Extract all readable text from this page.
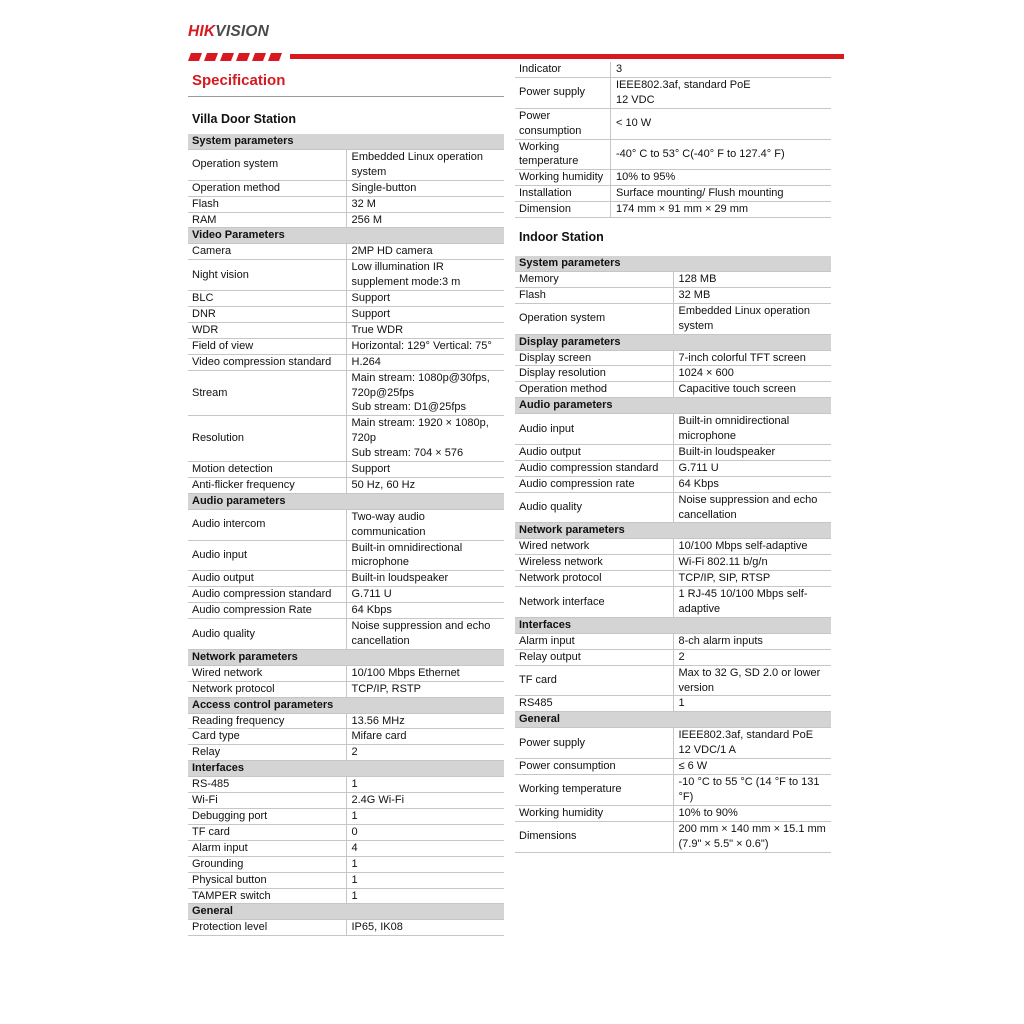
HIKVISION
Specification
Villa Door Station
System parameters	
Operation system	Embedded Linux operation system
Operation method	Single-button
Flash	32 M
RAM	256 M
Video Parameters	
Camera	2MP HD camera
Night vision	Low illumination IR supplement mode:3 m
BLC	Support
DNR	Support
WDR	True WDR
Field of view	Horizontal: 129° Vertical: 75°
Video compression standard	H.264
Stream	Main stream: 1080p@30fps, 720p@25fps
Sub stream: D1@25fps
Resolution	Main stream: 1920 × 1080p, 720p
Sub stream: 704 × 576
Motion detection	Support
Anti-flicker frequency	50 Hz, 60 Hz
Audio parameters	
Audio intercom	Two-way audio communication
Audio input	Built-in omnidirectional microphone
Audio output	Built-in loudspeaker
Audio compression standard	G.711 U
Audio compression Rate	64 Kbps
Audio quality	Noise suppression and echo cancellation
Network parameters	
Wired network	10/100 Mbps Ethernet
Network protocol	TCP/IP, RSTP
Access control parameters	
Reading frequency	13.56 MHz
Card type	Mifare card
Relay	2
Interfaces	
RS-485	1
Wi-Fi	2.4G Wi-Fi
Debugging port	1
TF card	0
Alarm input	4
Grounding	1
Physical button	1
TAMPER switch	1
General	
Protection level	IP65, IK08
Indicator	3
Power supply	IEEE802.3af, standard PoE
12 VDC
Power consumption	< 10 W
Working temperature	-40° C to 53° C(-40° F to 127.4° F)
Working humidity	10% to 95%
Installation	Surface mounting/ Flush mounting
Dimension	174 mm × 91 mm × 29 mm
Indoor Station
System parameters	
Memory	128 MB
Flash	32 MB
Operation system	Embedded Linux operation system
Display parameters	
Display screen	7-inch colorful TFT screen
Display resolution	1024 × 600
Operation method	Capacitive touch screen
Audio parameters	
Audio input	Built-in omnidirectional microphone
Audio output	Built-in loudspeaker
Audio compression standard	G.711 U
Audio compression rate	64 Kbps
Audio quality	Noise suppression and echo cancellation
Network parameters	
Wired network	10/100 Mbps self-adaptive
Wireless network	Wi-Fi 802.11 b/g/n
Network protocol	TCP/IP, SIP, RTSP
Network interface	1 RJ-45 10/100 Mbps self-adaptive
Interfaces	
Alarm input	8-ch alarm inputs
Relay output	2
TF card	Max to 32 G, SD 2.0 or lower version
RS485	1
General	
Power supply	IEEE802.3af, standard PoE
12 VDC/1 A
Power consumption	≤ 6 W
Working temperature	-10 °C to 55 °C (14 °F to 131 °F)
Working humidity	10% to 90%
Dimensions	200 mm × 140 mm × 15.1 mm (7.9" × 5.5" × 0.6")
